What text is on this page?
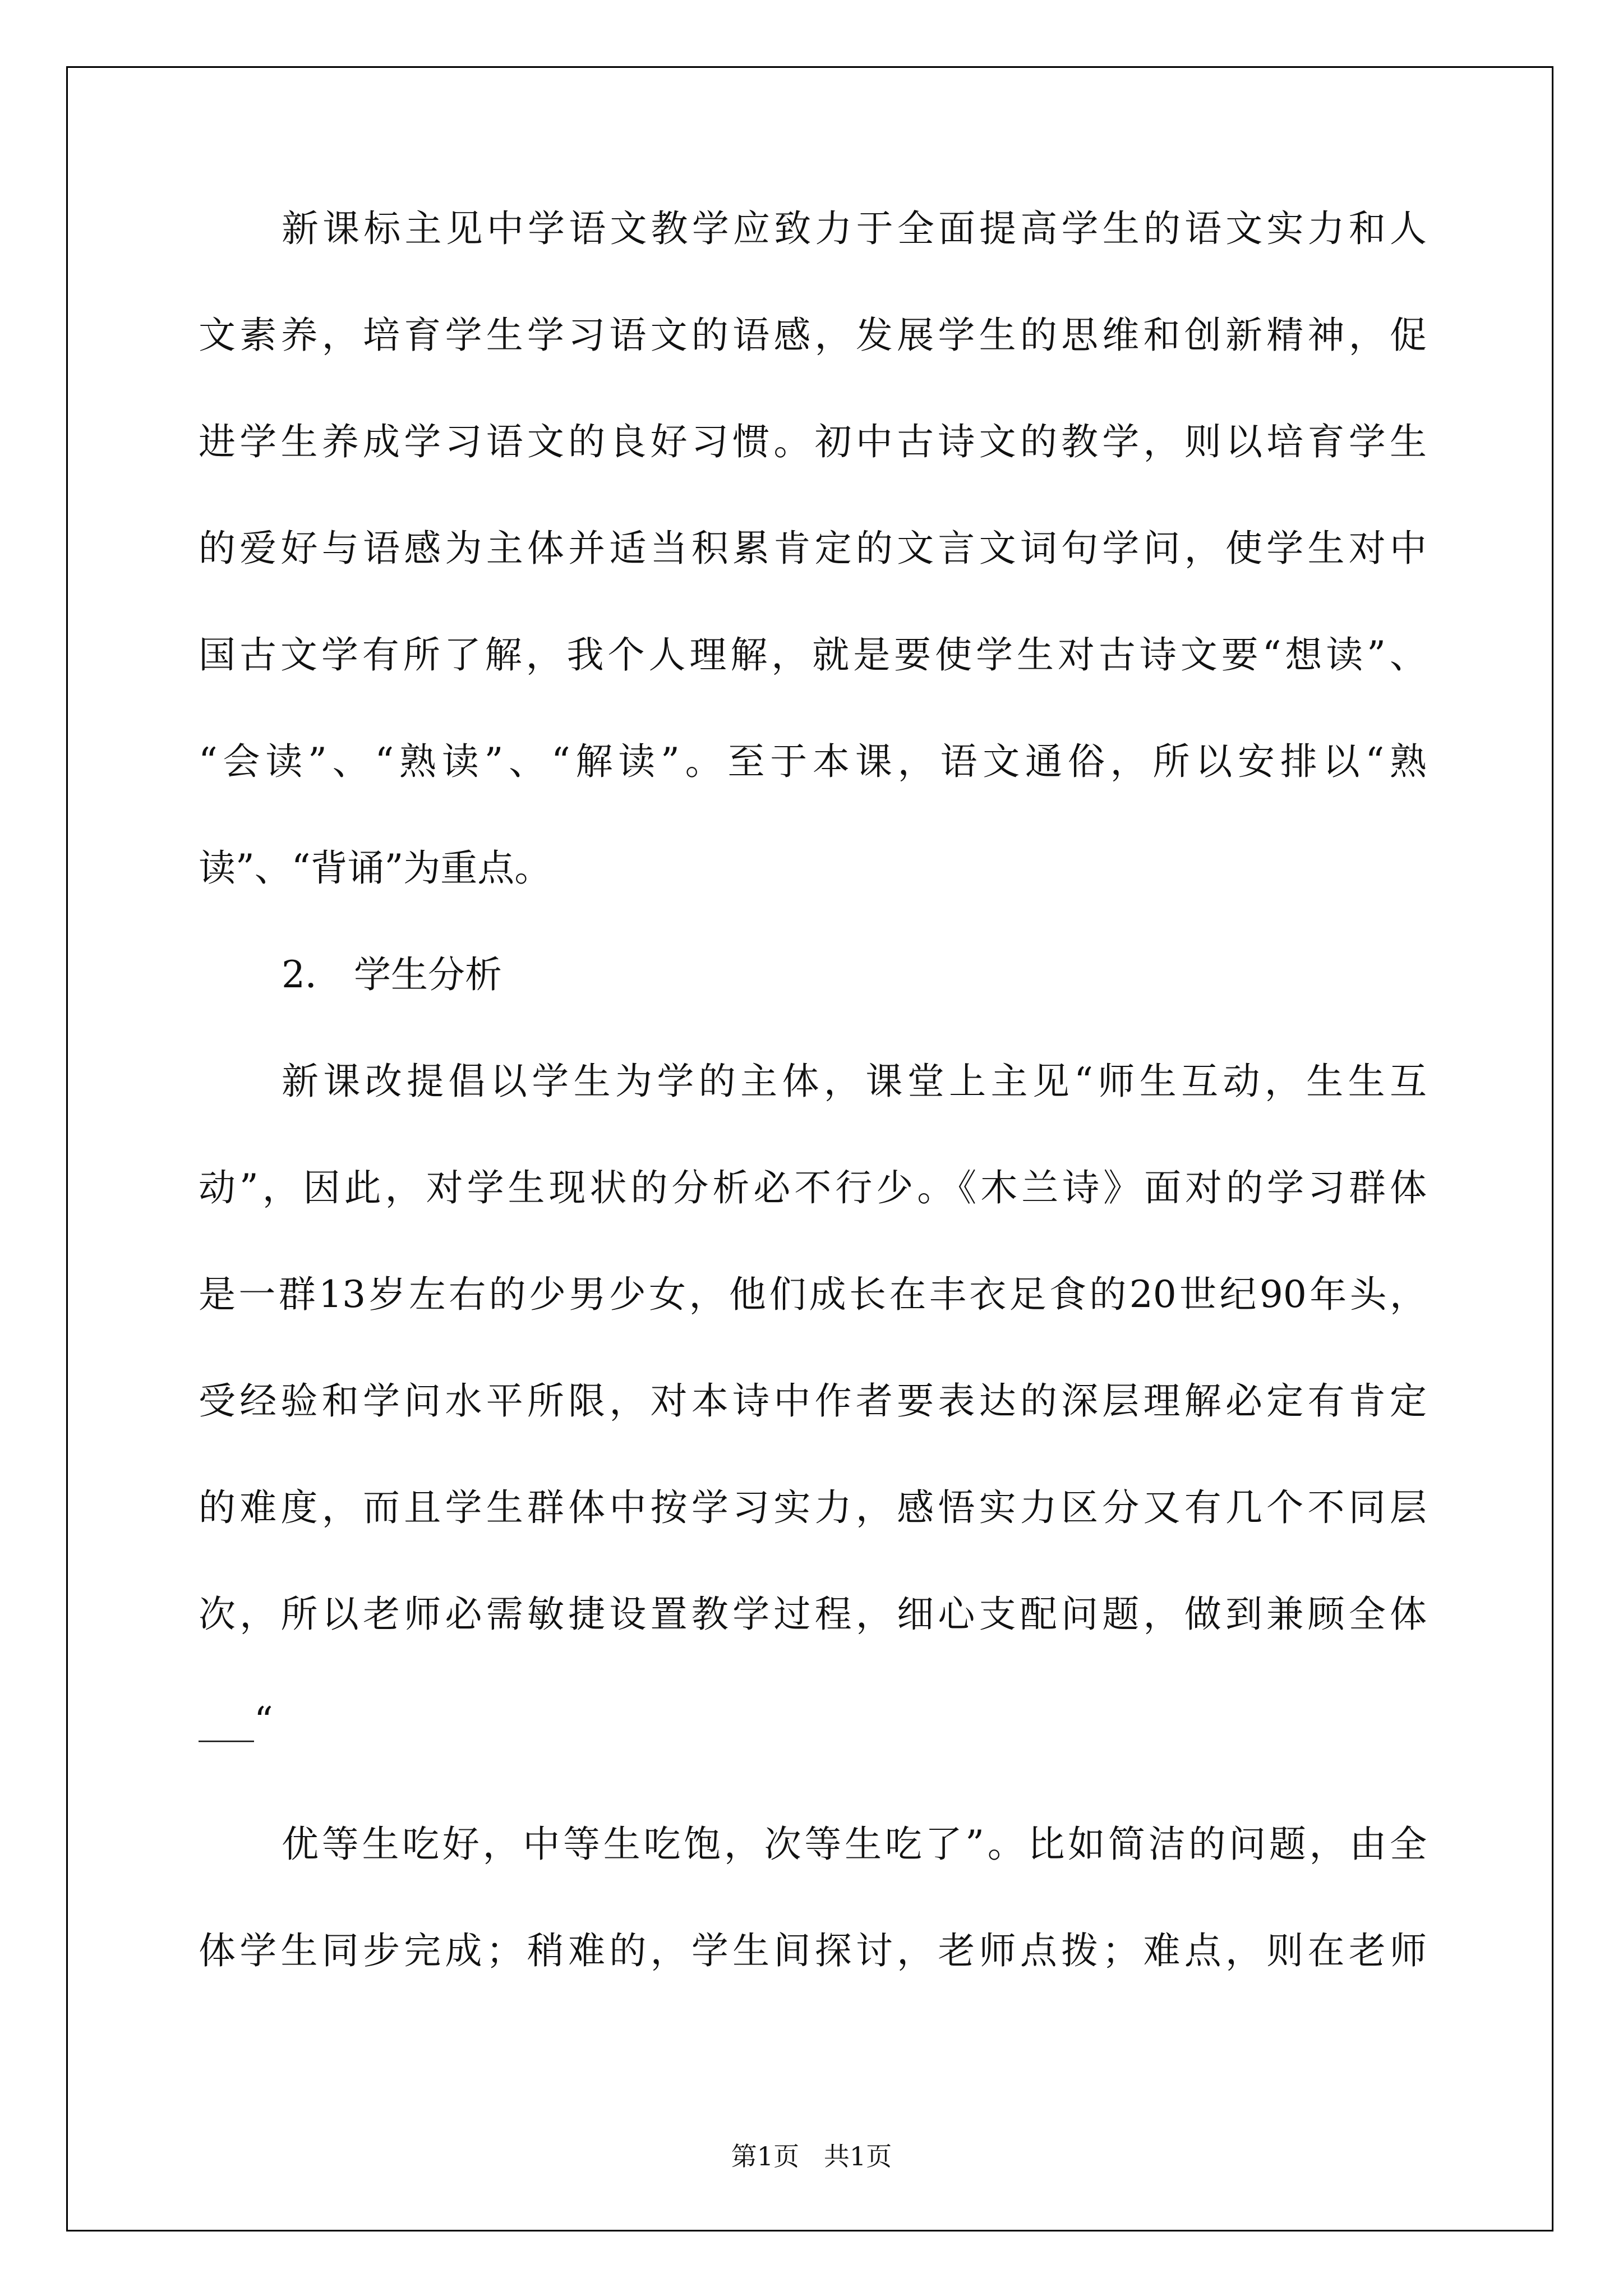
新课标主见中学语文教学应致力于全面提高学生的语文实力和人
文素养，培育学生学习语文的语感，发展学生的思维和创新精神，促
进学生养成学习语文的良好习惯。初中古诗文的教学，则以培育学生
的爱好与语感为主体并适当积累肯定的文言文词句学问，使学生对中
国古文学有所了解，我个人理解，就是要使学生对古诗文要“想读”、
“会读”、“熟读”、“解读”。至于本课，语文通俗，所以安排以“熟
读”、“背诵”为重点。
2． 学生分析
新课改提倡以学生为学的主体，课堂上主见“师生互动，生生互
动”，因此，对学生现状的分析必不行少。《木兰诗》面对的学习群体
是一群13岁左右的少男少女，他们成长在丰衣足食的20世纪90年头，
受经验和学问水平所限，对本诗中作者要表达的深层理解必定有肯定
的难度，而且学生群体中按学习实力，感悟实力区分又有几个不同层
次，所以老师必需敏捷设置教学过程，细心支配问题，做到兼顾全体
___“
优等生吃好，中等生吃饱，次等生吃了”。比如简洁的问题，由全
体学生同步完成；稍难的，学生间探讨，老师点拨；难点，则在老师
第1页   共1页
